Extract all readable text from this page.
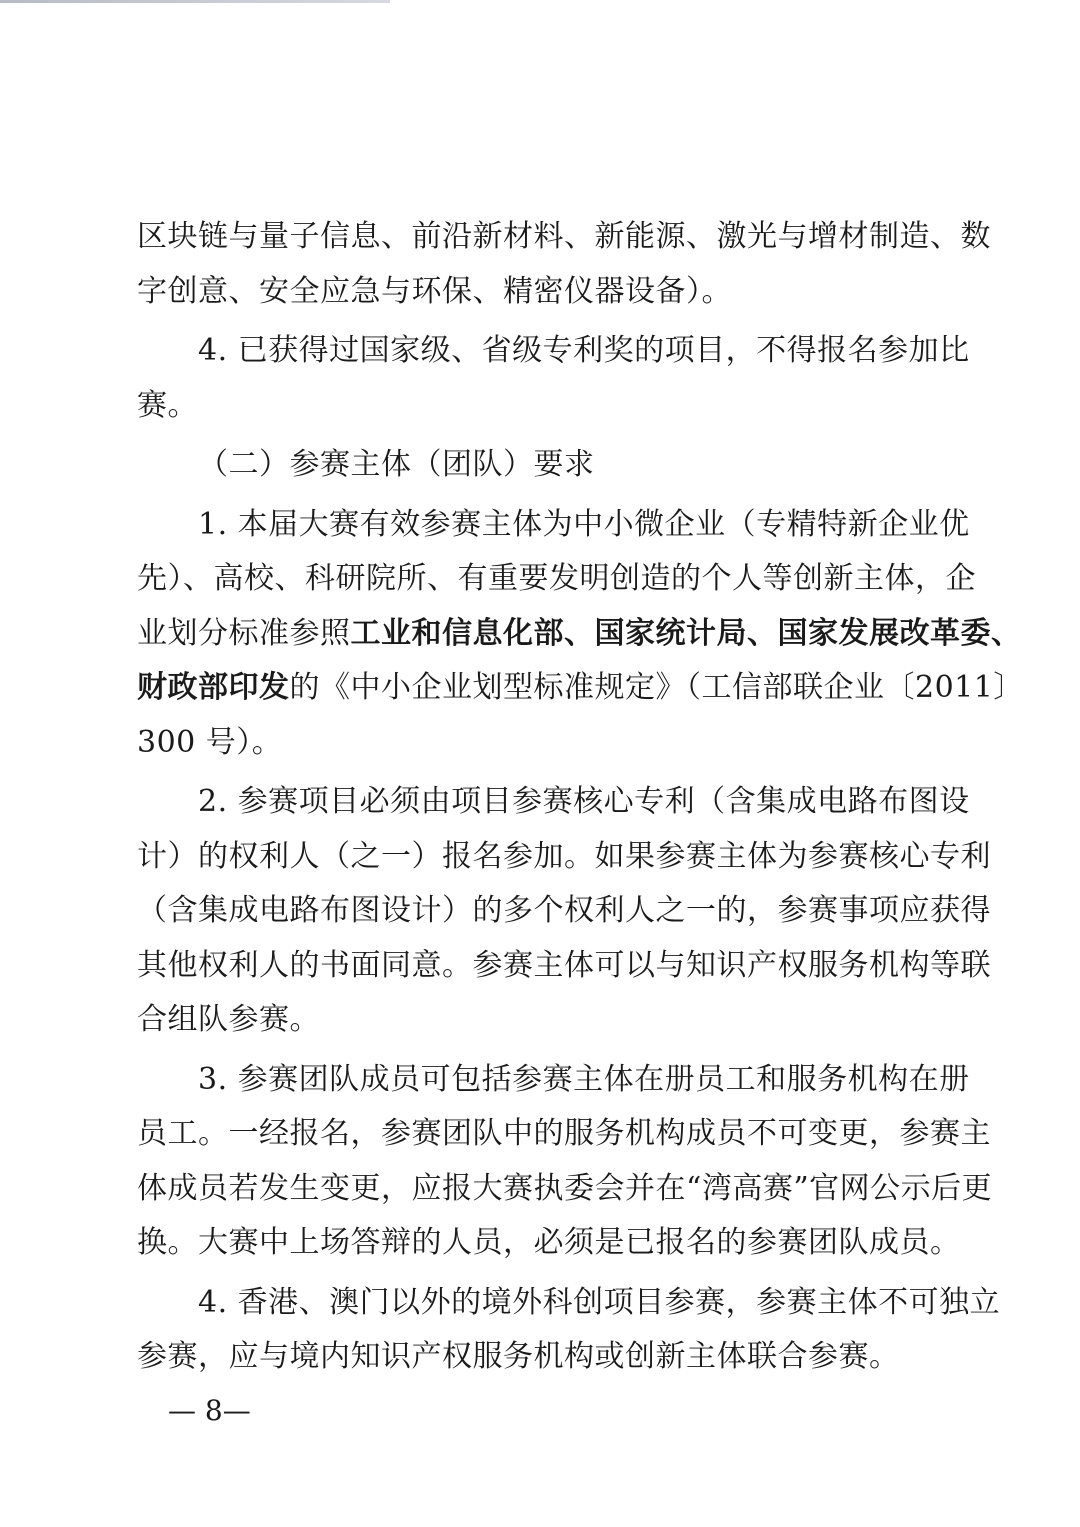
区块链与量子信息、前沿新材料、新能源、激光与增材制造、数
字创意、安全应急与环保、精密仪器设备）。
4. 已获得过国家级、省级专利奖的项目，不得报名参加比
赛。
（二）参赛主体（团队）要求
1. 本届大赛有效参赛主体为中小微企业（专精特新企业优
先）、高校、科研院所、有重要发明创造的个人等创新主体，企
业划分标准参照工业和信息化部、国家统计局、国家发展改革委、
财政部印发的《中小企业划型标准规定》（工信部联企业〔2011〕
300 号）。
2. 参赛项目必须由项目参赛核心专利（含集成电路布图设
计）的权利人（之一）报名参加。如果参赛主体为参赛核心专利
（含集成电路布图设计）的多个权利人之一的，参赛事项应获得
其他权利人的书面同意。参赛主体可以与知识产权服务机构等联
合组队参赛。
3. 参赛团队成员可包括参赛主体在册员工和服务机构在册
员工。一经报名，参赛团队中的服务机构成员不可变更，参赛主
体成员若发生变更，应报大赛执委会并在“湾高赛”官网公示后更
换。大赛中上场答辩的人员，必须是已报名的参赛团队成员。
4. 香港、澳门以外的境外科创项目参赛，参赛主体不可独立
参赛，应与境内知识产权服务机构或创新主体联合参赛。
— 8—
